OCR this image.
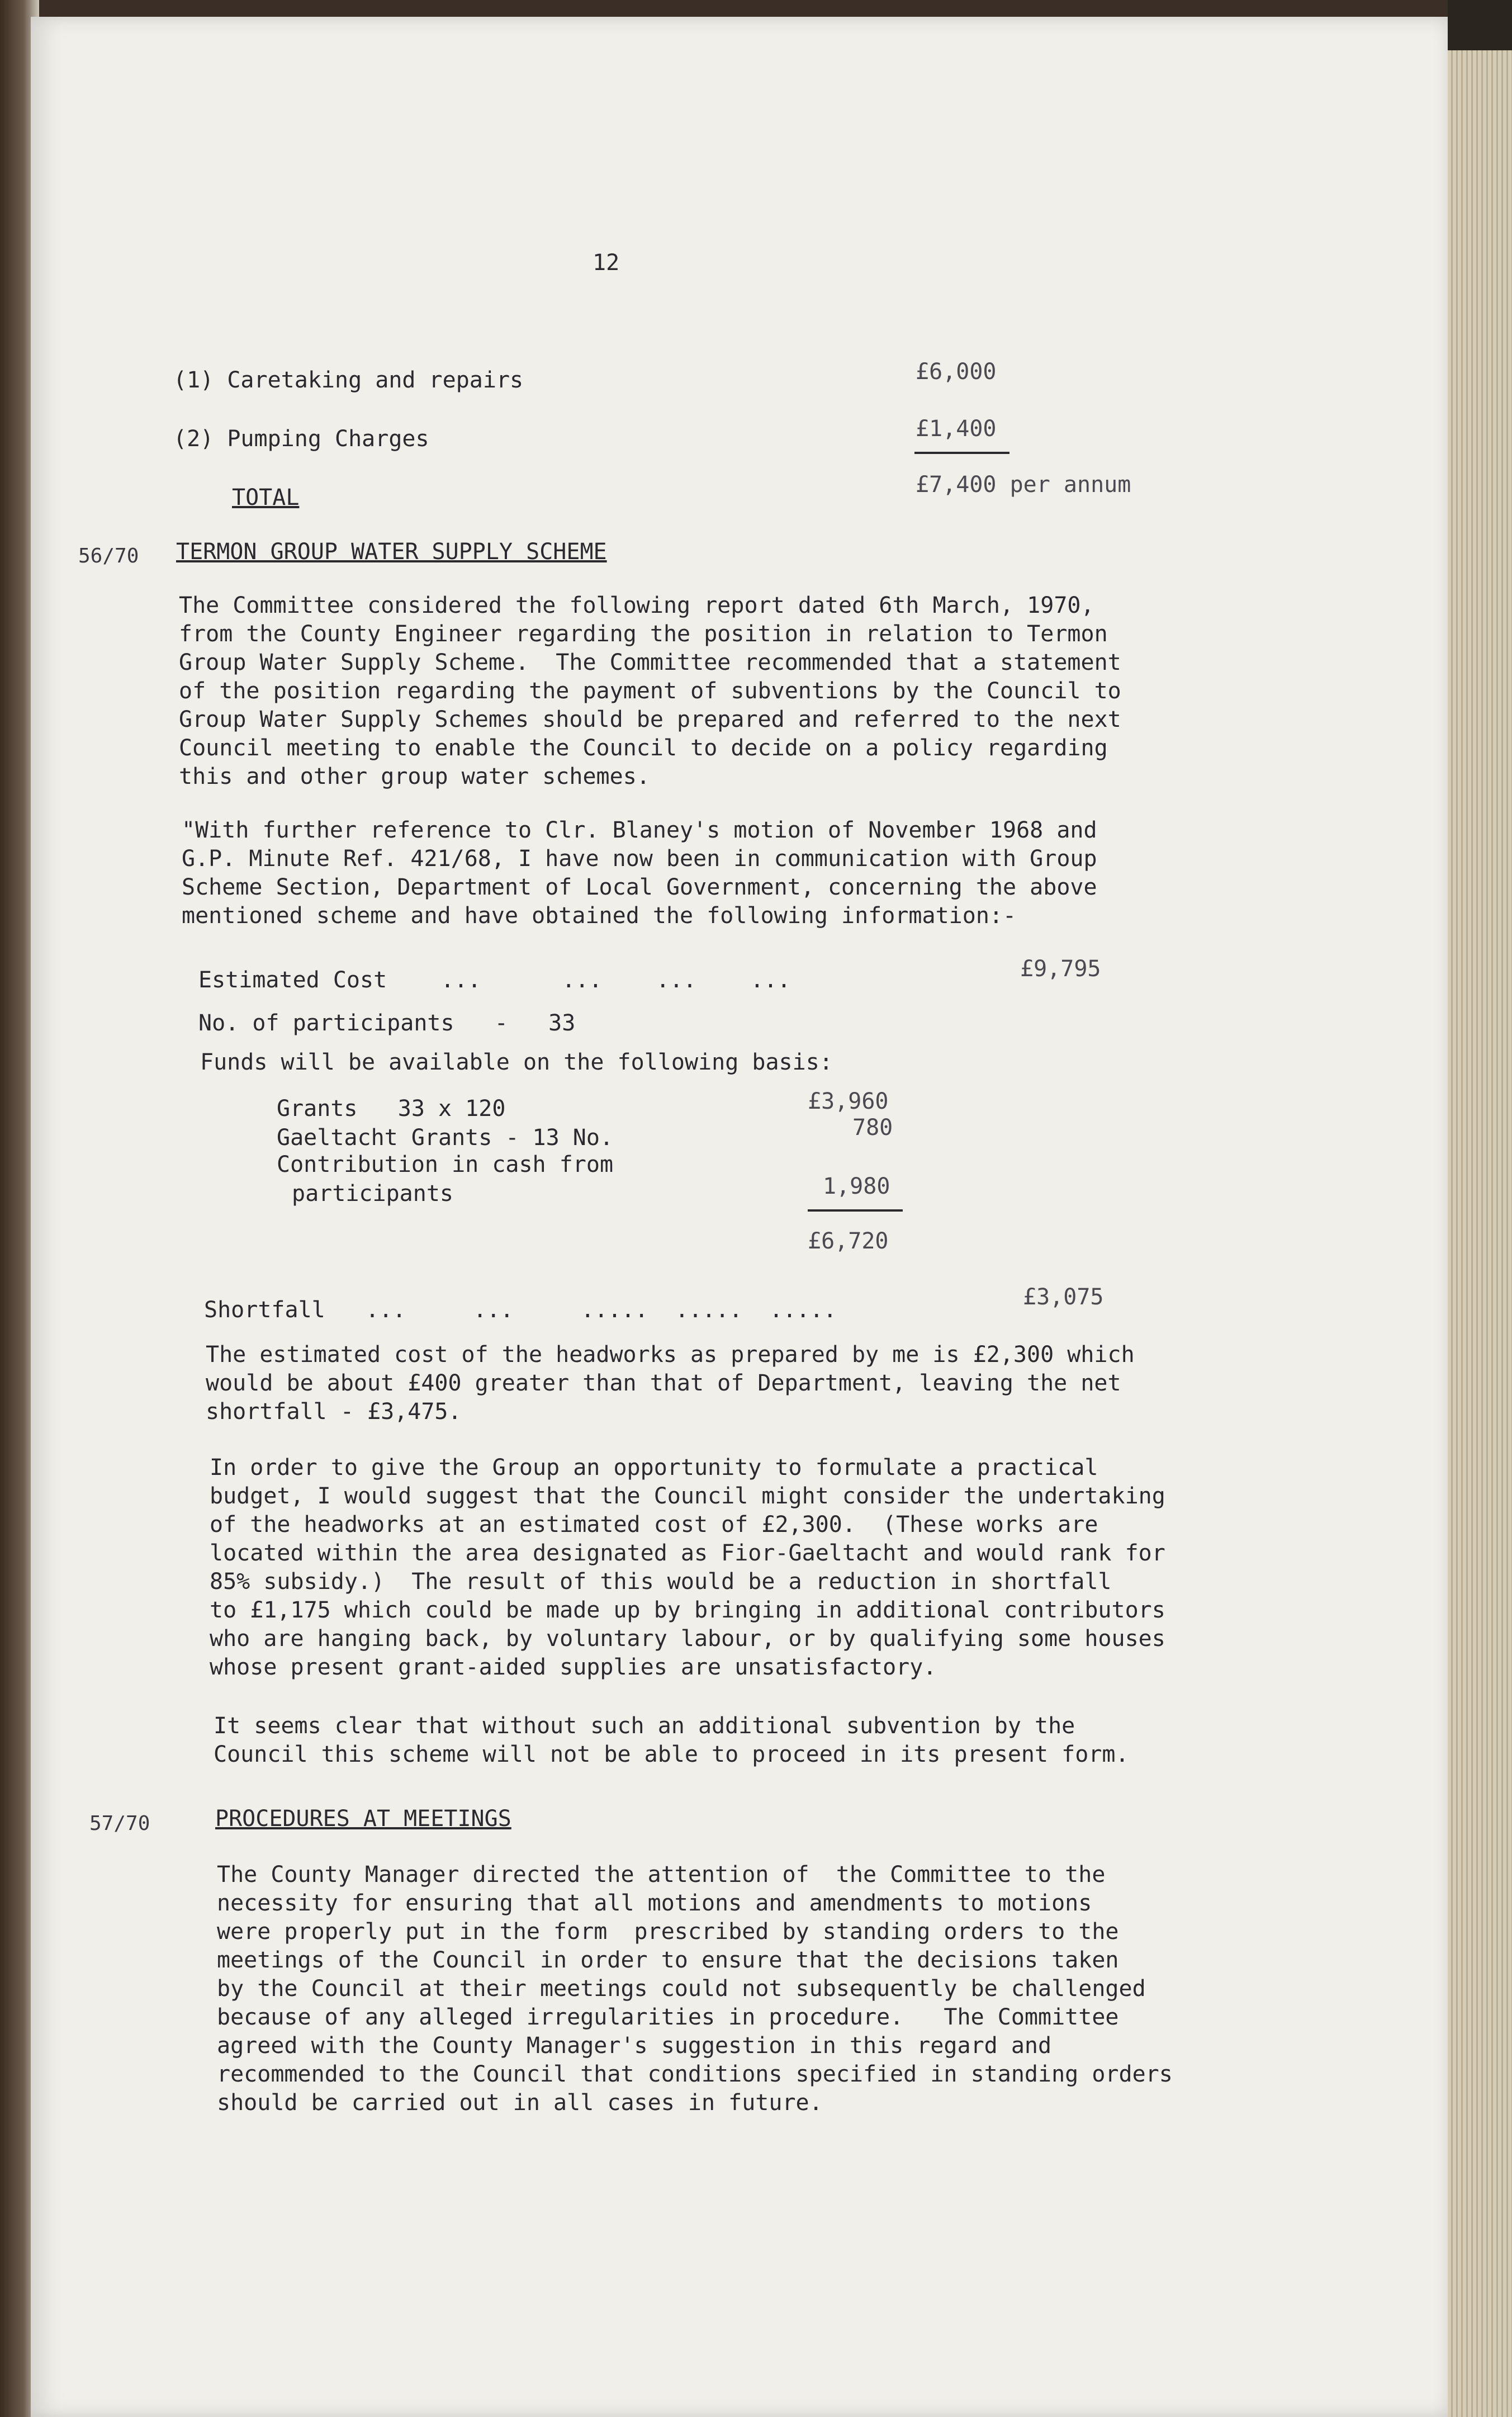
12
(1) Caretaking and repairs	£6,000
(2) Pumping Charges	£1,400
TOTAL	£7,400 per annum
56/70 TERMON GROUP WATER SUPPLY SCHEME
The Committee considered the following report dated 6th March, 1970,
from the County Engineer regarding the position in relation to Termon
Group Water Supply Scheme.  The Committee recommended that a statement
of the position regarding the payment of subventions by the Council to
Group Water Supply Schemes should be prepared and referred to the next
Council meeting to enable the Council to decide on a policy regarding
this and other group water schemes.
"With further reference to Clr. Blaney's motion of November 1968 and
G.P. Minute Ref. 421/68, I have now been in communication with Group
Scheme Section, Department of Local Government, concerning the above
mentioned scheme and have obtained the following information:-
Estimated Cost    ...      ...    ...    ...	£9,795
No. of participants   -   33
Funds will be available on the following basis:
Grants   33 x 120	£3,960
Gaeltacht Grants - 13 No.	780
Contribution in cash from
participants	1,980
£6,720
Shortfall   ...     ...     .....  .....  .....	£3,075
The estimated cost of the headworks as prepared by me is £2,300 which
would be about £400 greater than that of Department, leaving the net
shortfall - £3,475.
In order to give the Group an opportunity to formulate a practical
budget, I would suggest that the Council might consider the undertaking
of the headworks at an estimated cost of £2,300.  (These works are
located within the area designated as Fior-Gaeltacht and would rank for
85% subsidy.)  The result of this would be a reduction in shortfall
to £1,175 which could be made up by bringing in additional contributors
who are hanging back, by voluntary labour, or by qualifying some houses
whose present grant-aided supplies are unsatisfactory.
It seems clear that without such an additional subvention by the
Council this scheme will not be able to proceed in its present form.
57/70	PROCEDURES AT MEETINGS
The County Manager directed the attention of  the Committee to the
necessity for ensuring that all motions and amendments to motions
were properly put in the form  prescribed by standing orders to the
meetings of the Council in order to ensure that the decisions taken
by the Council at their meetings could not subsequently be challenged
because of any alleged irregularities in procedure.   The Committee
agreed with the County Manager's suggestion in this regard and
recommended to the Council that conditions specified in standing orders
should be carried out in all cases in future.
